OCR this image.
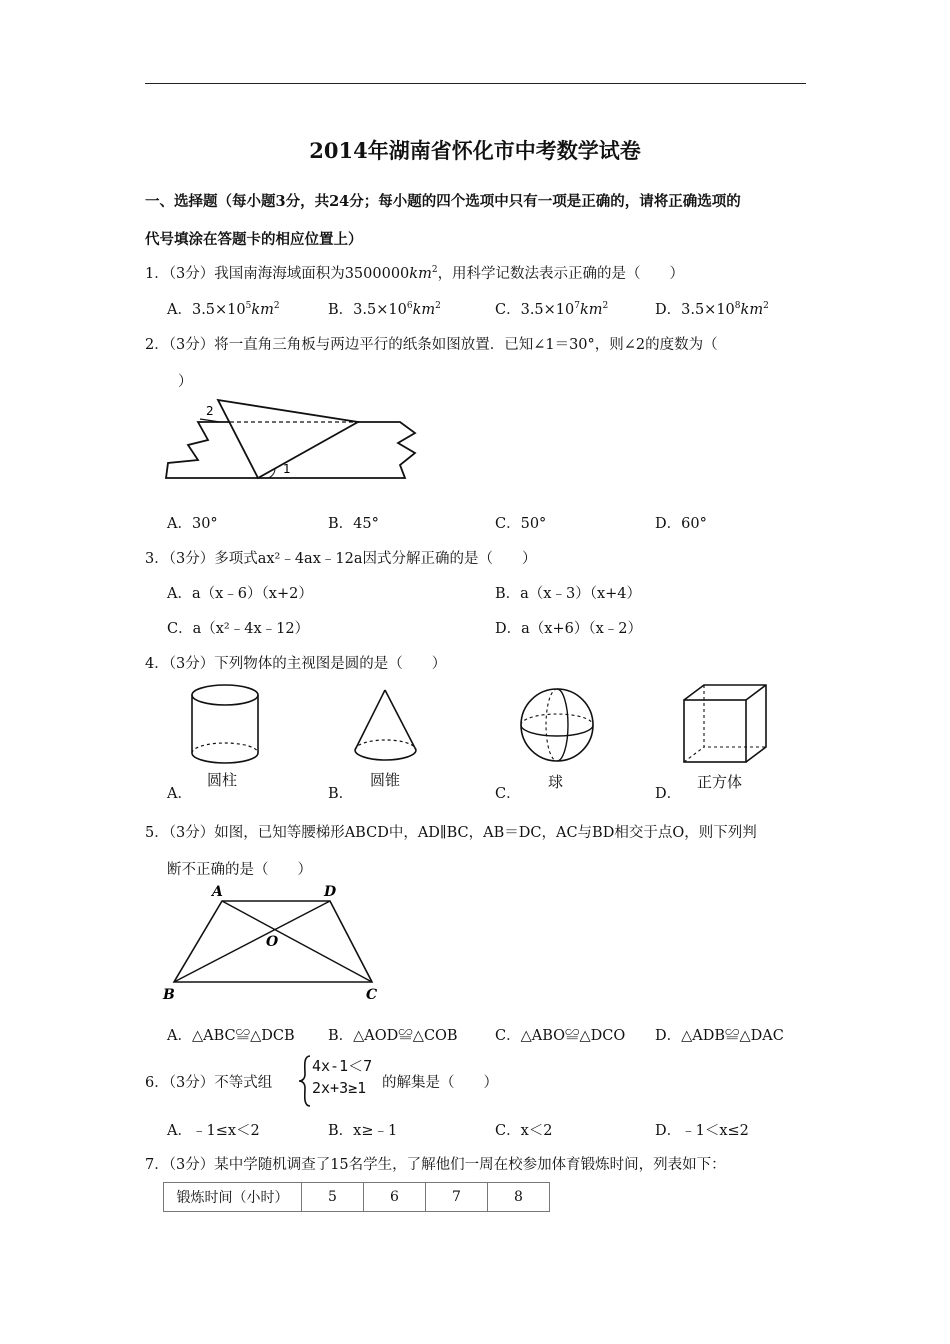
2014年湖南省怀化市中考数学试卷
一、选择题（每小题3分，共24分；每小题的四个选项中只有一项是正确的，请将正确选项的
代号填涂在答题卡的相应位置上）
1．（3分）我国南海海域面积为$3500000km^2$，用科学记数法表示正确的是（　　）
A．$3.5\times 10^5km^2$	B．$3.5\times 10^6km^2$	C．$3.5\times 10^7km^2$	D．$3.5\times 10^8km^2$
2．（3分）将一直角三角板与两边平行的纸条如图放置．已知∠1＝30°，则∠2的度数为（
）
2
1
A．30°	B．45°	C．50°	D．60°
3．（3分）多项式ax²﹣4ax﹣12a因式分解正确的是（　　）
A．a（x﹣6）（x+2）	B．a（x﹣3）（x+4）
C．a（x²﹣4x﹣12）	D．a（x+6）（x﹣2）
4．（3分）下列物体的主视图是圆的是（　　）
圆柱	圆锥	球	正方体
A．	B．	C．	D．
5．（3分）如图，已知等腰梯形ABCD中，AD∥BC，AB＝DC，AC与BD相交于点O，则下列判
断不正确的是（　　）
A	D
O
B	C
A．△ABC≌△DCB B．△AOD≌△COB	C．△ABO≌△DCO D．△ADB≌△DAC
6．（3分）不等式组
4x-1＜7
2x+3≥1	的解集是（　　）
A．﹣1≤x＜2	B．x≥﹣1	C．x＜2	D．﹣1＜x≤2
7．（3分）某中学随机调查了15名学生，了解他们一周在校参加体育锻炼时间，列表如下：
锻炼时间（小时）	5	6	7	8
